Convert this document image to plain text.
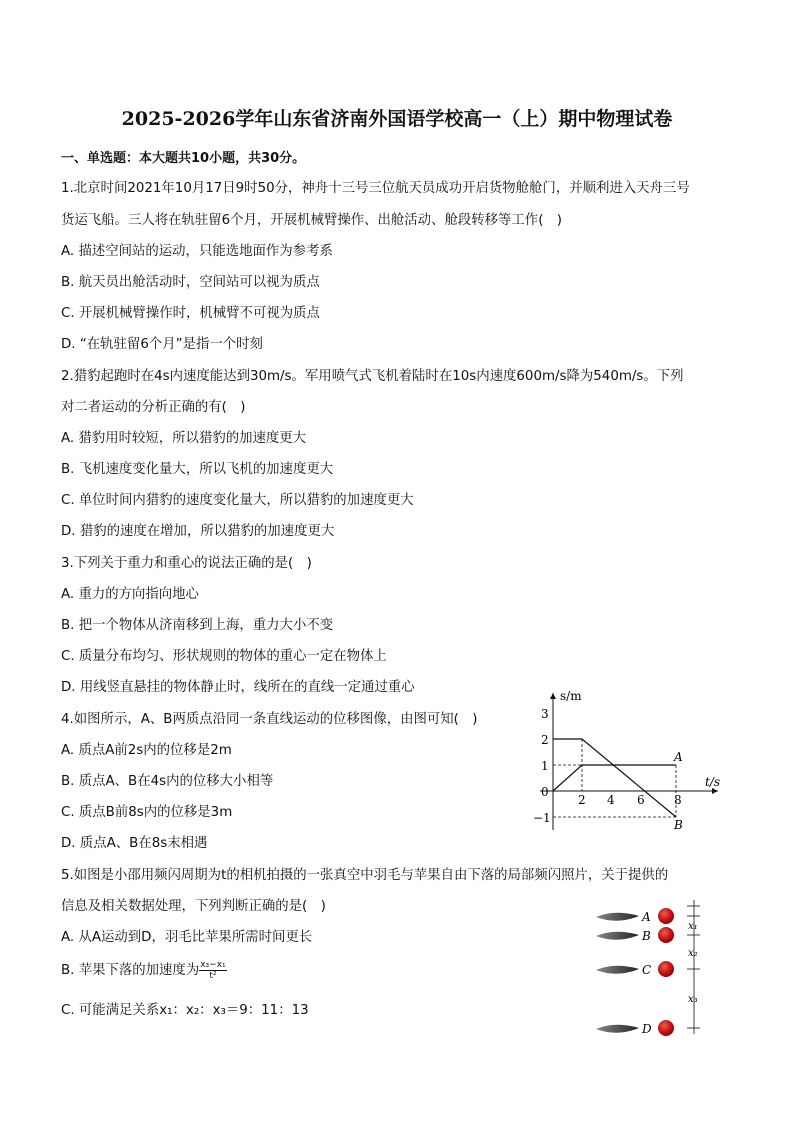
2025-2026学年山东省济南外国语学校高一（上）期中物理试卷
一、单选题：本大题共10小题，共30分。
1.北京时间2021年10月17日9时50分，神舟十三号三位航天员成功开启货物舱舱门，并顺利进入天舟三号
货运飞船。三人将在轨驻留6个月，开展机械臂操作、出舱活动、舱段转移等工作(　)
A. 描述空间站的运动，只能选地面作为参考系
B. 航天员出舱活动时，空间站可以视为质点
C. 开展机械臂操作时，机械臂不可视为质点
D. “在轨驻留6个月”是指一个时刻
2.猎豹起跑时在4s内速度能达到30m/s。军用喷气式飞机着陆时在10s内速度600m/s降为540m/s。下列
对二者运动的分析正确的有(　)
A. 猎豹用时较短，所以猎豹的加速度更大
B. 飞机速度变化量大，所以飞机的加速度更大
C. 单位时间内猎豹的速度变化量大，所以猎豹的加速度更大
D. 猎豹的速度在增加，所以猎豹的加速度更大
3.下列关于重力和重心的说法正确的是(　)
A. 重力的方向指向地心
B. 把一个物体从济南移到上海，重力大小不变
C. 质量分布均匀、形状规则的物体的重心一定在物体上
D. 用线竖直悬挂的物体静止时，线所在的直线一定通过重心
4.如图所示，A、B两质点沿同一条直线运动的位移图像，由图可知(　)
A. 质点A前2s内的位移是2m
B. 质点A、B在4s内的位移大小相等
C. 质点B前8s内的位移是3m
D. 质点A、B在8s末相遇
s/m
t/s
3
2
1
0
−1
2 4 6 8
A
B
5.如图是小邵用频闪周期为t的相机拍摄的一张真空中羽毛与苹果自由下落的局部频闪照片，关于提供的
信息及相关数据处理，下列判断正确的是(　)
A. 从A运动到D，羽毛比苹果所需时间更长
B. 苹果下落的加速度为 $\frac{\text{x₃−x₁}}{\text{t²}}$
C. 可能满足关系x₁：x₂：x₃＝9：11：13
A
B
C
D
x₁
x₂
x₃
